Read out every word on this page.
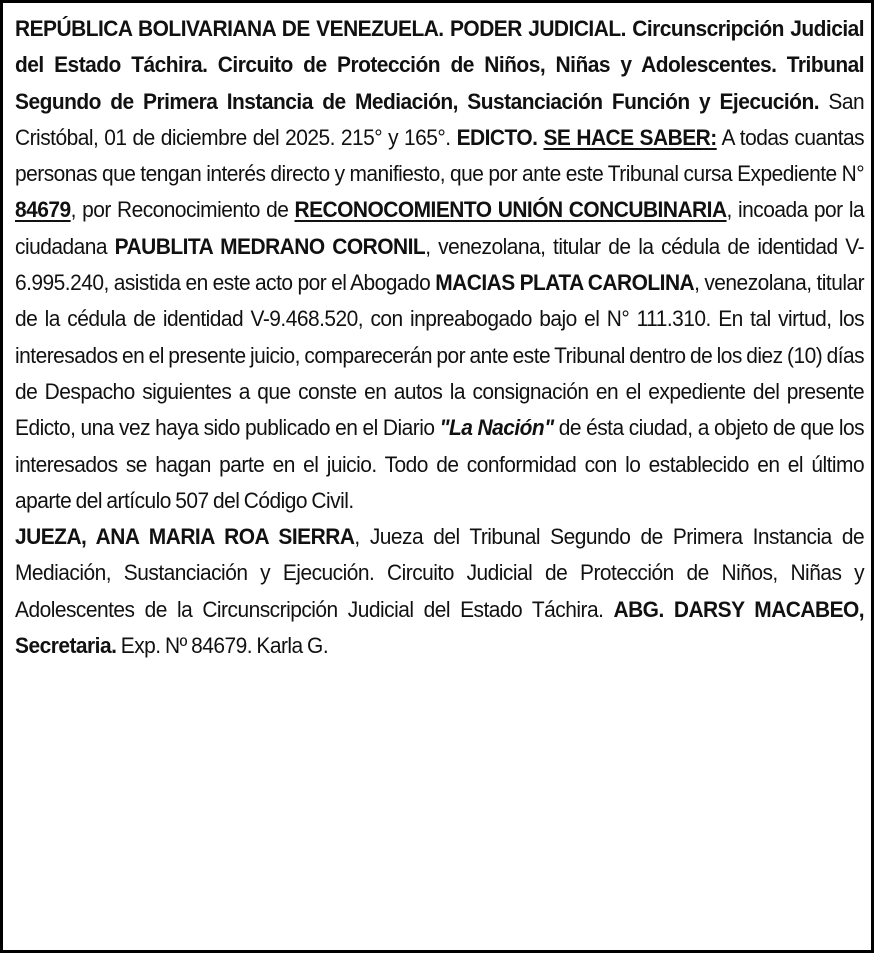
REPÚBLICA BOLIVARIANA DE VENEZUELA. PODER JUDICIAL. Circunscripción Judicial del Estado Táchira. Circuito de Protección de Niños, Niñas y Adolescentes. Tribunal Segundo de Primera Instancia de Mediación, Sustanciación Función y Ejecución. San Cristóbal, 01 de diciembre del 2025. 215° y 165°. EDICTO. SE HACE SABER: A todas cuantas personas que tengan interés directo y manifiesto, que por ante este Tribunal cursa Expediente N° 84679, por Reconocimiento de RECONOCOMIENTO UNIÓN CONCUBINARIA, incoada por la ciudadana PAUBLITA MEDRANO CORONIL, venezolana, titular de la cédula de identidad V-6.995.240, asistida en este acto por el Abogado MACIAS PLATA CAROLINA, venezolana, titular de la cédula de identidad V-9.468.520, con inpreabogado bajo el N° 111.310. En tal virtud, los interesados en el presente juicio, comparecerán por ante este Tribunal dentro de los diez (10) días de Despacho siguientes a que conste en autos la consignación en el expediente del presente Edicto, una vez haya sido publicado en el Diario "La Nación" de ésta ciudad, a objeto de que los interesados se hagan parte en el juicio. Todo de conformidad con lo establecido en el último aparte del artículo 507 del Código Civil.

JUEZA, ANA MARIA ROA SIERRA, Jueza del Tribunal Segundo de Primera Instancia de Mediación, Sustanciación y Ejecución. Circuito Judicial de Protección de Niños, Niñas y Adolescentes de la Circunscripción Judicial del Estado Táchira. ABG. DARSY MACABEO, Secretaria. Exp. Nº 84679. Karla G.
